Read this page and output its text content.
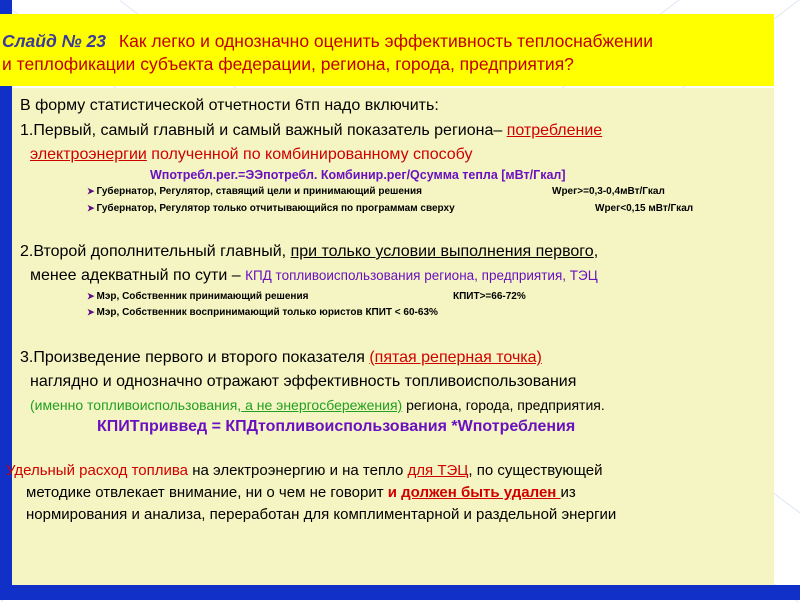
Слайд № 23 Как легко и однозначно оценить эффективность теплоснабжении
и теплофикации субъекта федерации, региона, города, предприятия?
В форму статистической отчетности 6тп надо включить:
1.Первый, самый главный и самый важный показатель региона– потребление
электроэнергии полученной по комбинированному способу
Wпотребл.рег.=ЭЭпотребл. Комбинир.рег/Qсумма тепла [мВт/Гкал]
➤ Губернатор, Регулятор, ставящий цели и принимающий решения	Wрег>=0,3-0,4мВт/Гкал
➤ Губернатор, Регулятор только отчитывающийся по программам сверху	Wрег<0,15 мВт/Гкал
2.Второй дополнительный главный, при только условии выполнения первого,
менее адекватный по сути – КПД топливоиспользования региона, предприятия, ТЭЦ
➤ Мэр, Собственник принимающий решения	КПИТ>=66-72%
➤ Мэр, Собственник воспринимающий только юристов КПИТ < 60-63%
3.Произведение первого и второго показателя (пятая реперная точка)
наглядно и однозначно отражают эффективность топливоиспользования
(именно топливоиспользования, а не энергосбережения) региона, города, предприятия.
КПИТприввед = КПДтопливоиспользования *Wпотребления
Удельный расход топлива на электроэнергию и на тепло для ТЭЦ, по существующей
методике отвлекает внимание, ни о чем не говорит и должен быть удален из
нормирования и анализа, переработан для комплиментарной и раздельной энергии
